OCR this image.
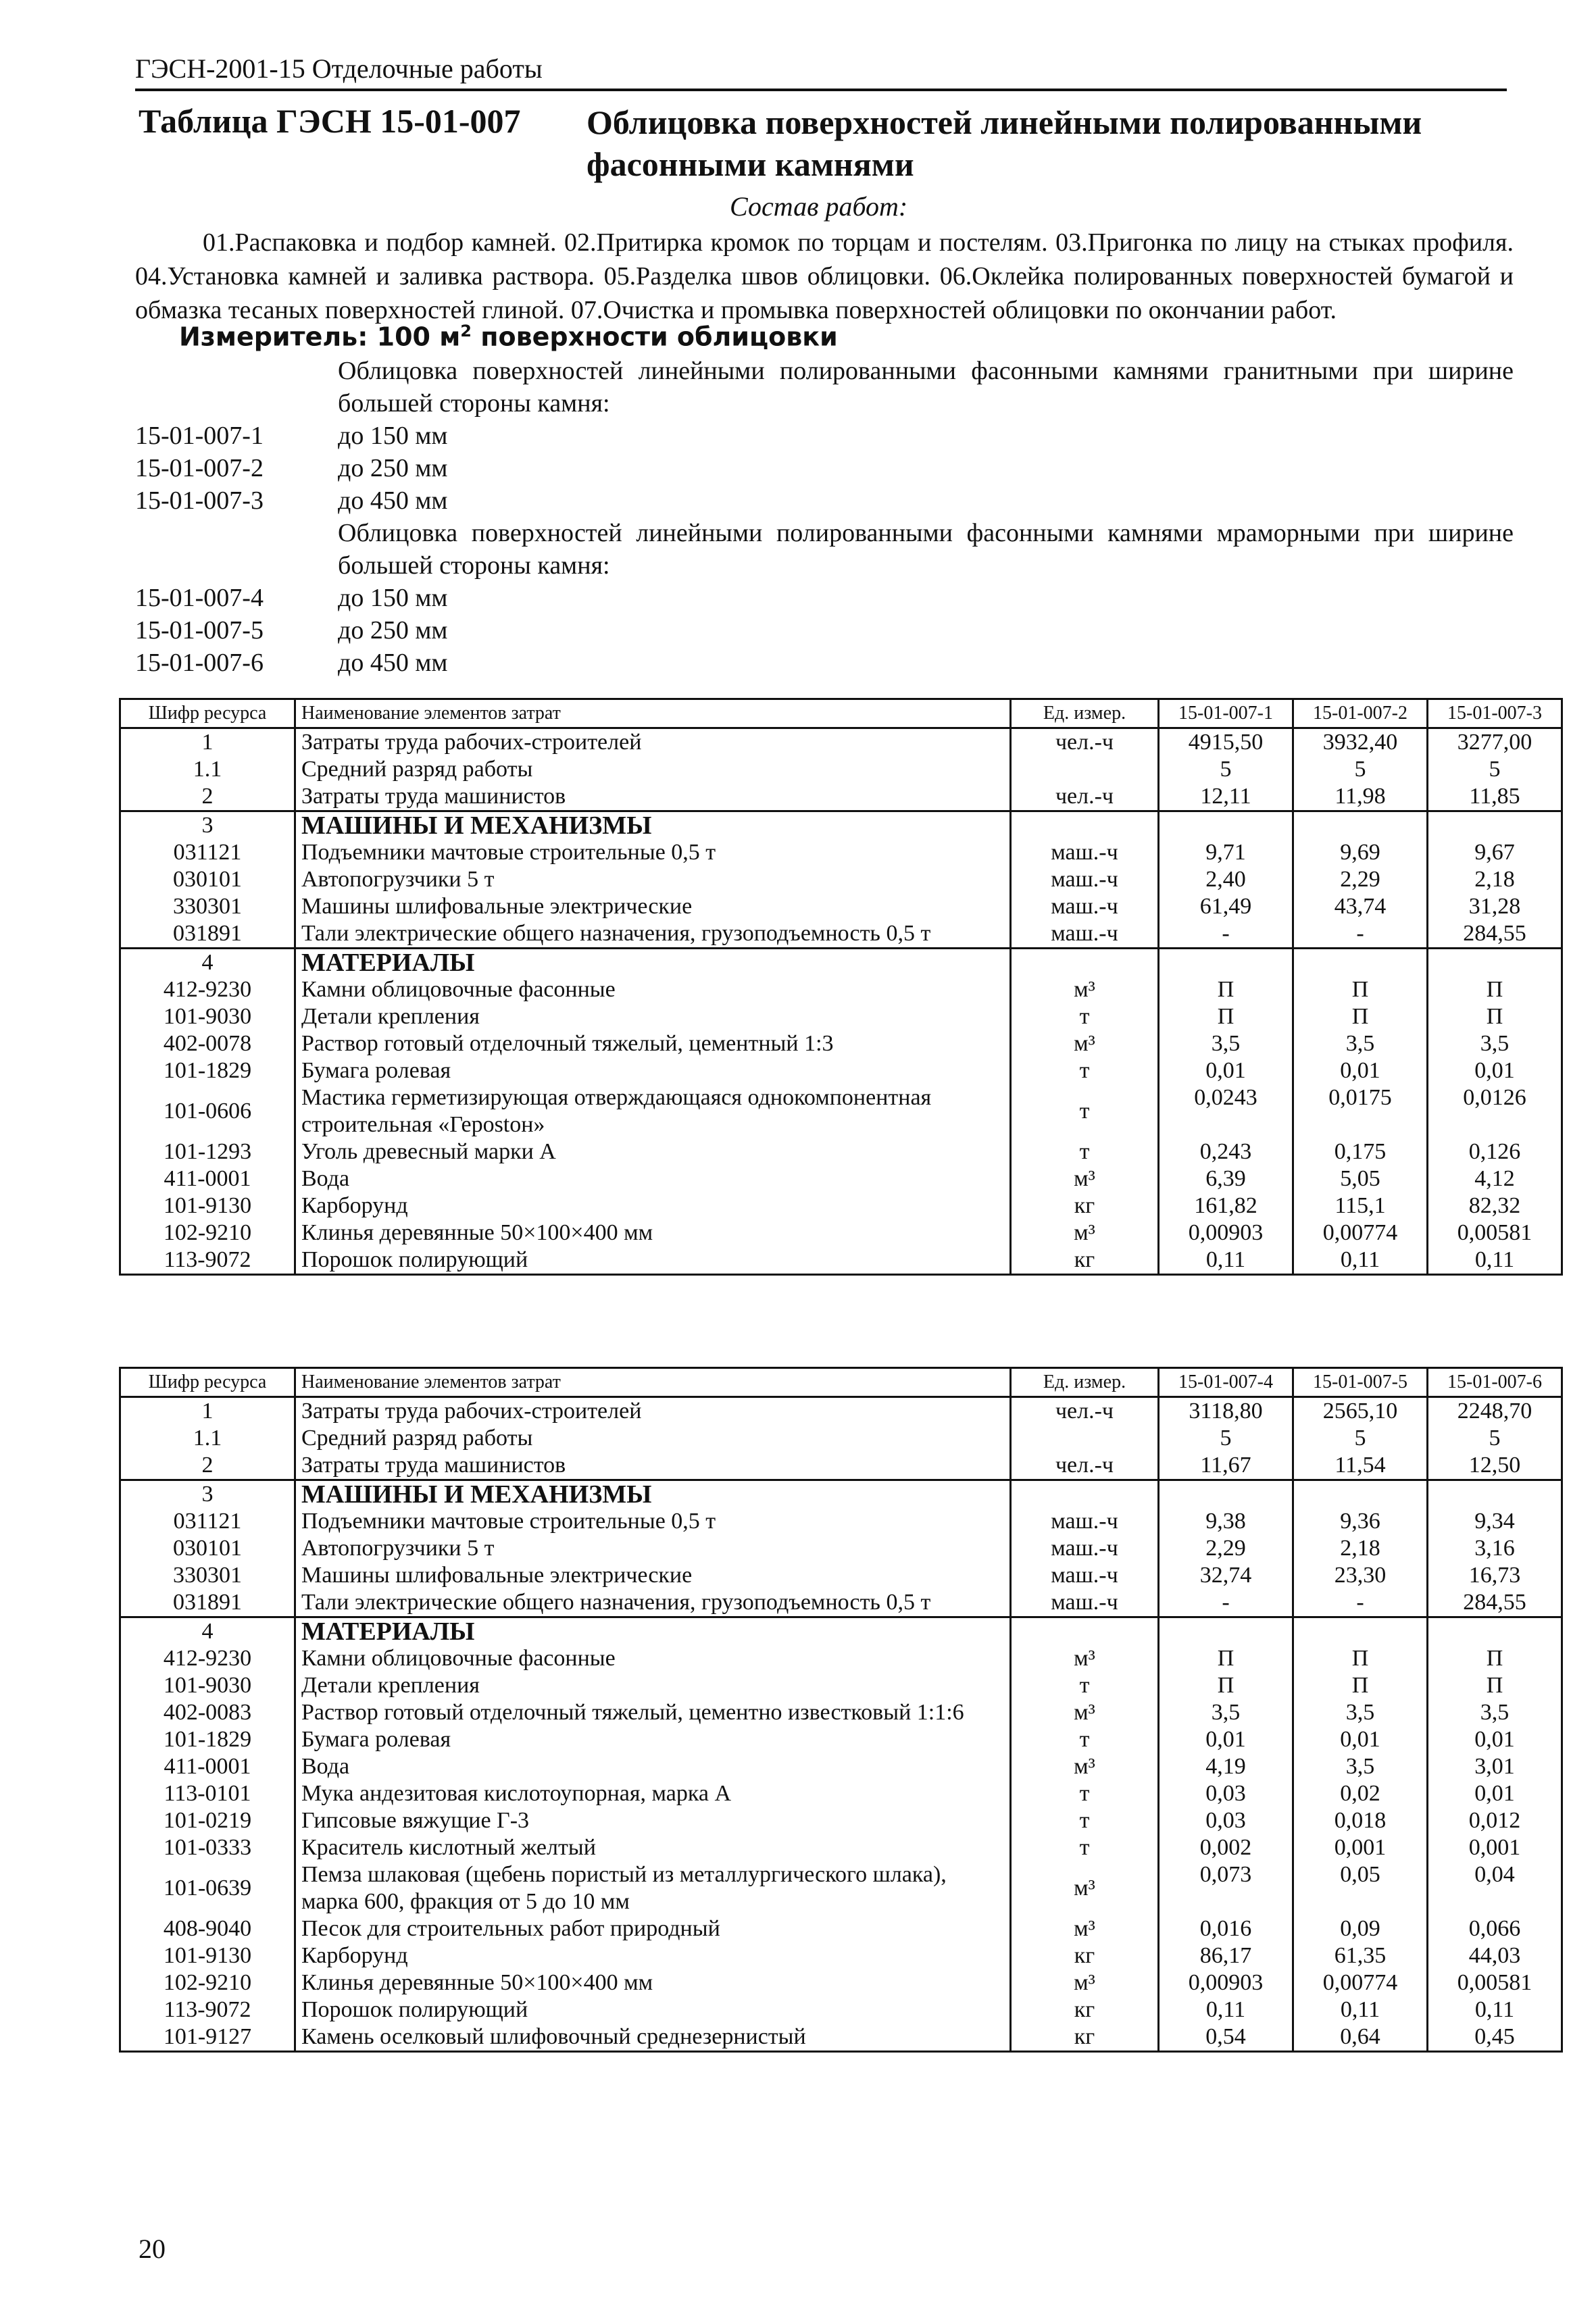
ГЭСН-2001-15 Отделочные работы
Таблица ГЭСН 15-01-007 Облицовка поверхностей линейными полированными фасонными камнями
Состав работ:
01.Распаковка и подбор камней. 02.Притирка кромок по торцам и постелям. 03.Пригонка по лицу на стыках профиля. 04.Установка камней и заливка раствора. 05.Разделка швов облицовки. 06.Оклейка полированных поверхностей бумагой и обмазка тесаных поверхностей глиной. 07.Очистка и промывка поверхностей облицовки по окончании работ.
Измеритель: 100 $м^2$ поверхности облицовки
Облицовка поверхностей линейными полированными фасонными камнями гранитными при ширине большей стороны камня:
15-01-007-1	до 150 мм
15-01-007-2	до 250 мм
15-01-007-3	до 450 мм
Облицовка поверхностей линейными полированными фасонными камнями мраморными при ширине большей стороны камня:
15-01-007-4	до 150 мм
15-01-007-5	до 250 мм
15-01-007-6	до 450 мм
Шифр ресурса	Наименование элементов затрат	Ед. измер.	15-01-007-1	15-01-007-2	15-01-007-3
1	Затраты труда рабочих-строителей	чел.-ч	4915,50	3932,40	3277,00
1.1	Средний разряд работы		5	5	5
2	Затраты труда машинистов	чел.-ч	12,11	11,98	11,85
3	МАШИНЫ И МЕХАНИЗМЫ				
031121	Подъемники мачтовые строительные 0,5 т	маш.-ч	9,71	9,69	9,67
030101	Автопогрузчики 5 т	маш.-ч	2,40	2,29	2,18
330301	Машины шлифовальные электрические	маш.-ч	61,49	43,74	31,28
031891	Тали электрические общего назначения, грузоподъемность 0,5 т	маш.-ч	-	-	284,55
4	МАТЕРИАЛЫ				
412-9230	Камни облицовочные фасонные	м³	П	П	П
101-9030	Детали крепления	т	П	П	П
402-0078	Раствор готовый отделочный тяжелый, цементный 1:3	м³	3,5	3,5	3,5
101-1829	Бумага ролевая	т	0,01	0,01	0,01
101-0606	Мастика герметизирующая отверждающаяся однокомпонентная строительная «Герostон»	т	0,0243	0,0175	0,0126
101-1293	Уголь древесный марки А	т	0,243	0,175	0,126
411-0001	Вода	м³	6,39	5,05	4,12
101-9130	Карборунд	кг	161,82	115,1	82,32
102-9210	Клинья деревянные 50×100×400 мм	м³	0,00903	0,00774	0,00581
113-9072	Порошок полирующий	кг	0,11	0,11	0,11
Шифр ресурса	Наименование элементов затрат	Ед. измер.	15-01-007-4	15-01-007-5	15-01-007-6
1	Затраты труда рабочих-строителей	чел.-ч	3118,80	2565,10	2248,70
1.1	Средний разряд работы		5	5	5
2	Затраты труда машинистов	чел.-ч	11,67	11,54	12,50
3	МАШИНЫ И МЕХАНИЗМЫ				
031121	Подъемники мачтовые строительные 0,5 т	маш.-ч	9,38	9,36	9,34
030101	Автопогрузчики 5 т	маш.-ч	2,29	2,18	3,16
330301	Машины шлифовальные электрические	маш.-ч	32,74	23,30	16,73
031891	Тали электрические общего назначения, грузоподъемность 0,5 т	маш.-ч	-	-	284,55
4	МАТЕРИАЛЫ				
412-9230	Камни облицовочные фасонные	м³	П	П	П
101-9030	Детали крепления	т	П	П	П
402-0083	Раствор готовый отделочный тяжелый, цементно известковый 1:1:6	м³	3,5	3,5	3,5
101-1829	Бумага ролевая	т	0,01	0,01	0,01
411-0001	Вода	м³	4,19	3,5	3,01
113-0101	Мука андезитовая кислотоупорная, марка А	т	0,03	0,02	0,01
101-0219	Гипсовые вяжущие Г-3	т	0,03	0,018	0,012
101-0333	Краситель кислотный желтый	т	0,002	0,001	0,001
101-0639	Пемза шлаковая (щебень пористый из металлургического шлака), марка 600, фракция от 5 до 10 мм	м³	0,073	0,05	0,04
408-9040	Песок для строительных работ природный	м³	0,016	0,09	0,066
101-9130	Карборунд	кг	86,17	61,35	44,03
102-9210	Клинья деревянные 50×100×400 мм	м³	0,00903	0,00774	0,00581
113-9072	Порошок полирующий	кг	0,11	0,11	0,11
101-9127	Камень оселковый шлифовочный среднезернистый	кг	0,54	0,64	0,45
20
